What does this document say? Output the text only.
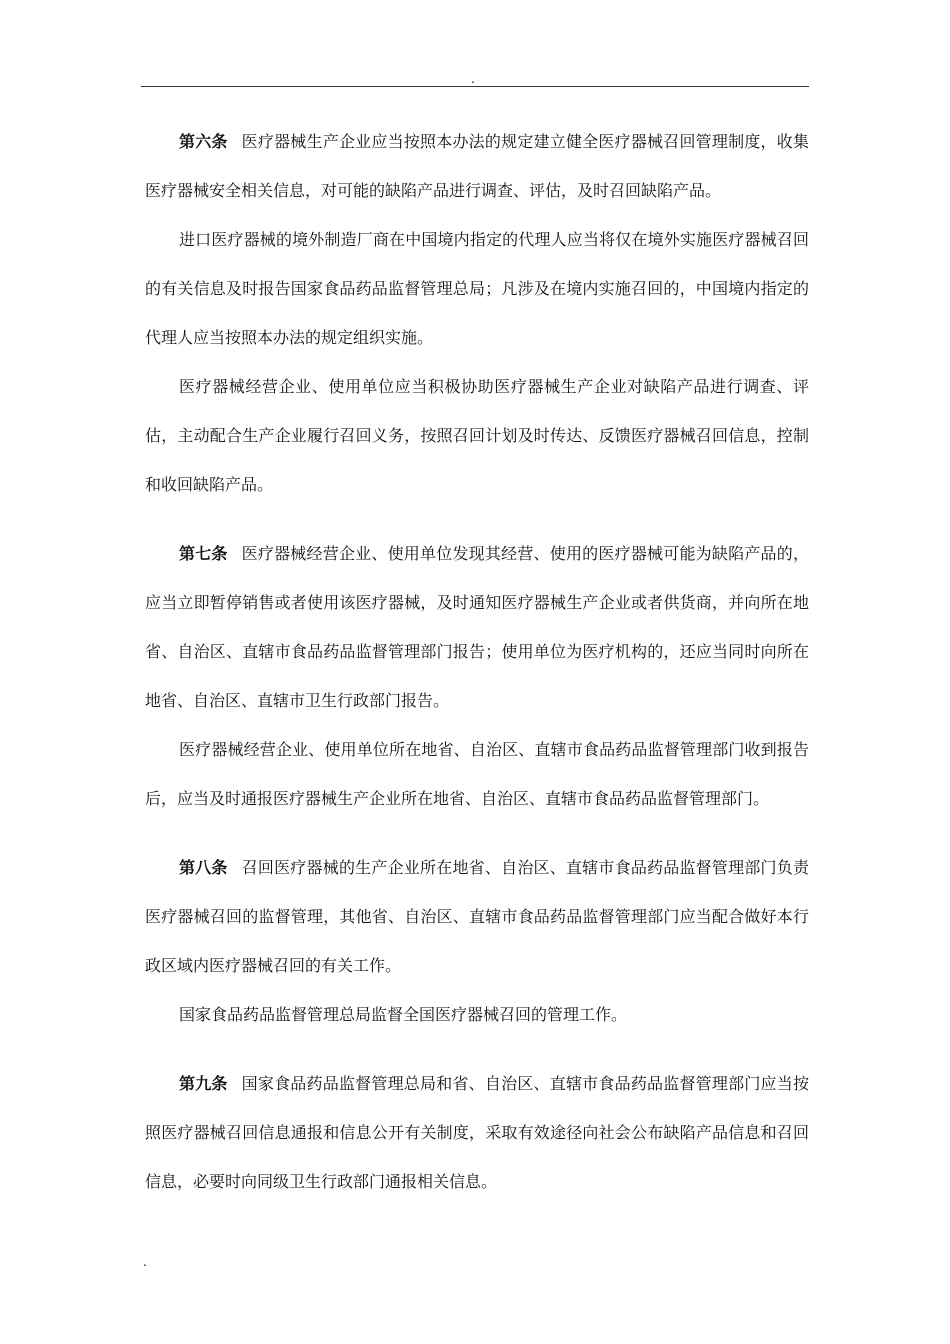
.

第六条 医疗器械生产企业应当按照本办法的规定建立健全医疗器械召回管理制度，收集医疗器械安全相关信息，对可能的缺陷产品进行调查、评估，及时召回缺陷产品。

进口医疗器械的境外制造厂商在中国境内指定的代理人应当将仅在境外实施医疗器械召回的有关信息及时报告国家食品药品监督管理总局；凡涉及在境内实施召回的，中国境内指定的代理人应当按照本办法的规定组织实施。

医疗器械经营企业、使用单位应当积极协助医疗器械生产企业对缺陷产品进行调查、评估，主动配合生产企业履行召回义务，按照召回计划及时传达、反馈医疗器械召回信息，控制和收回缺陷产品。

第七条 医疗器械经营企业、使用单位发现其经营、使用的医疗器械可能为缺陷产品的，应当立即暂停销售或者使用该医疗器械，及时通知医疗器械生产企业或者供货商，并向所在地省、自治区、直辖市食品药品监督管理部门报告；使用单位为医疗机构的，还应当同时向所在地省、自治区、直辖市卫生行政部门报告。

医疗器械经营企业、使用单位所在地省、自治区、直辖市食品药品监督管理部门收到报告后，应当及时通报医疗器械生产企业所在地省、自治区、直辖市食品药品监督管理部门。

第八条 召回医疗器械的生产企业所在地省、自治区、直辖市食品药品监督管理部门负责医疗器械召回的监督管理，其他省、自治区、直辖市食品药品监督管理部门应当配合做好本行政区域内医疗器械召回的有关工作。

国家食品药品监督管理总局监督全国医疗器械召回的管理工作。

第九条 国家食品药品监督管理总局和省、自治区、直辖市食品药品监督管理部门应当按照医疗器械召回信息通报和信息公开有关制度，采取有效途径向社会公布缺陷产品信息和召回信息，必要时向同级卫生行政部门通报相关信息。

.
